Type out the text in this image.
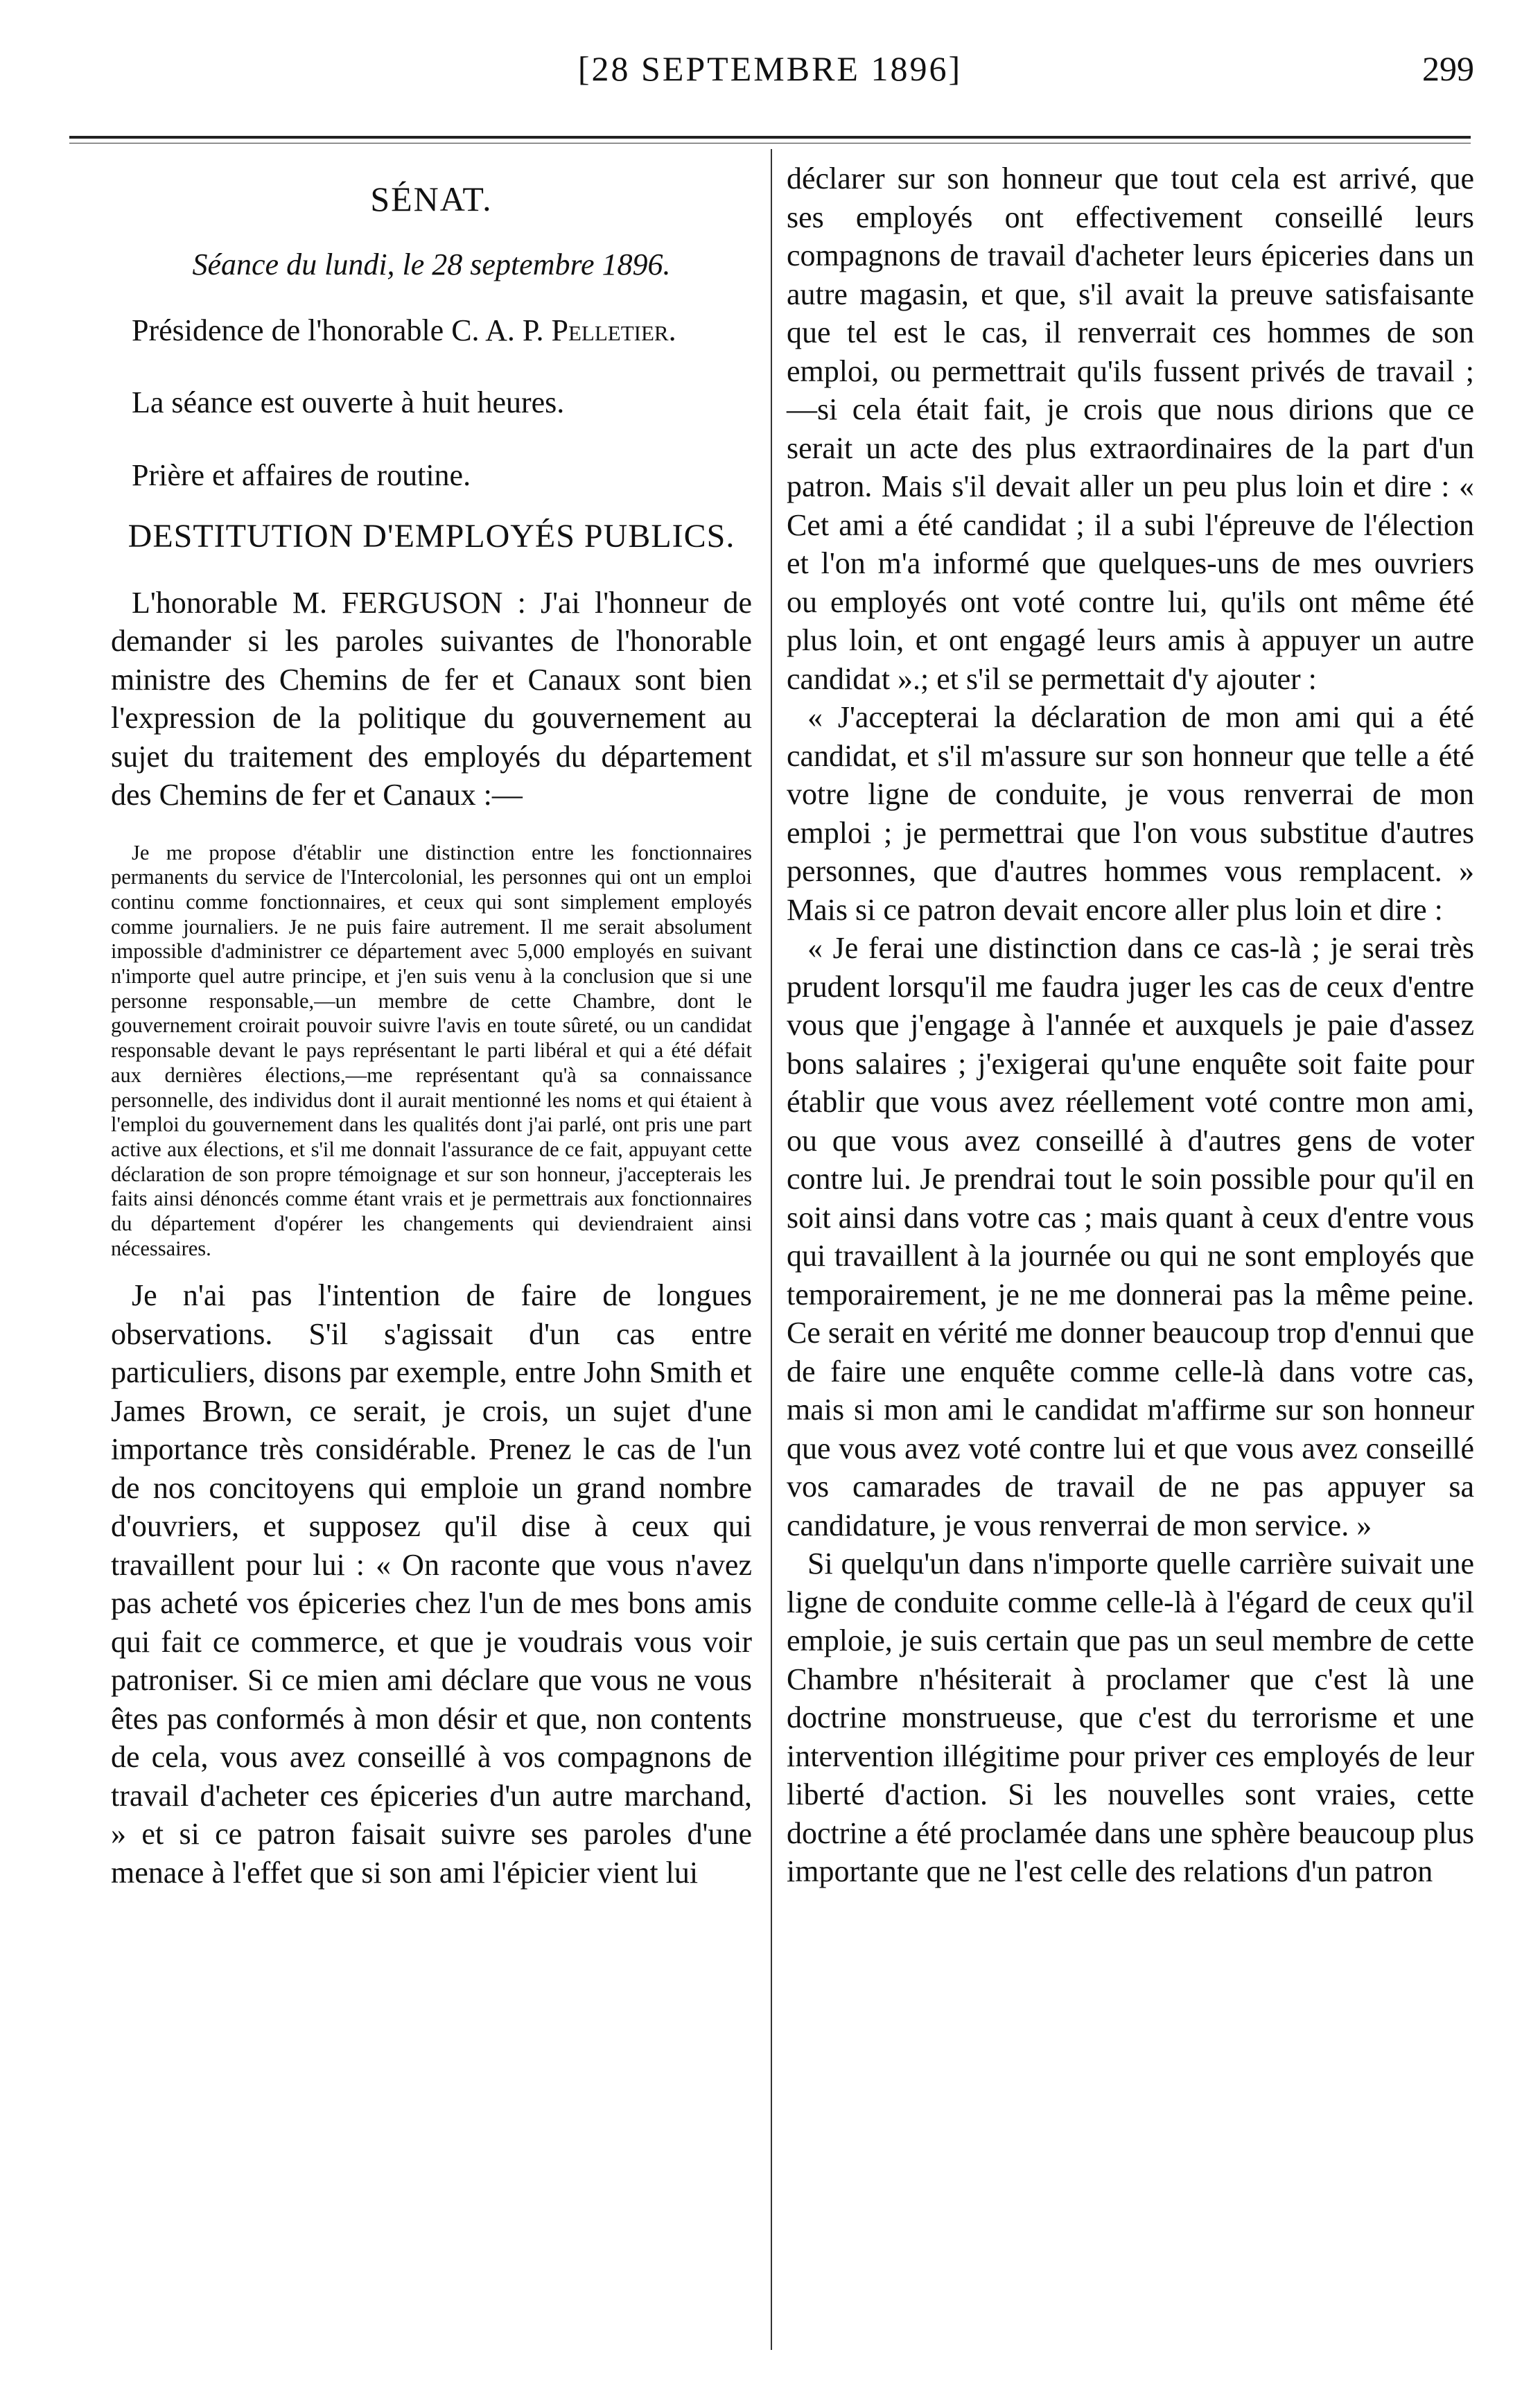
[28 SEPTEMBRE 1896]	299

SÉNAT.

Séance du lundi, le 28 septembre 1896.

Présidence de l'honorable C. A. P. Pelletier.

La séance est ouverte à huit heures.

Prière et affaires de routine.

DESTITUTION D'EMPLOYÉS PUBLICS.

L'honorable M. FERGUSON : J'ai l'honneur de demander si les paroles suivantes de l'honorable ministre des Chemins de fer et Canaux sont bien l'expression de la politique du gouvernement au sujet du traitement des employés du département des Chemins de fer et Canaux :—

Je me propose d'établir une distinction entre les fonctionnaires permanents du service de l'Intercolonial, les personnes qui ont un emploi continu comme fonctionnaires, et ceux qui sont simplement employés comme journaliers. Je ne puis faire autrement. Il me serait absolument impossible d'administrer ce département avec 5,000 employés en suivant n'importe quel autre principe, et j'en suis venu à la conclusion que si une personne responsable,—un membre de cette Chambre, dont le gouvernement croirait pouvoir suivre l'avis en toute sûreté, ou un candidat responsable devant le pays représentant le parti libéral et qui a été défait aux dernières élections,—me représentant qu'à sa connaissance personnelle, des individus dont il aurait mentionné les noms et qui étaient à l'emploi du gouvernement dans les qualités dont j'ai parlé, ont pris une part active aux élections, et s'il me donnait l'assurance de ce fait, appuyant cette déclaration de son propre témoignage et sur son honneur, j'accepterais les faits ainsi dénoncés comme étant vrais et je permettrais aux fonctionnaires du département d'opérer les changements qui deviendraient ainsi nécessaires.

Je n'ai pas l'intention de faire de longues observations. S'il s'agissait d'un cas entre particuliers, disons par exemple, entre John Smith et James Brown, ce serait, je crois, un sujet d'une importance très considérable. Prenez le cas de l'un de nos concitoyens qui emploie un grand nombre d'ouvriers, et supposez qu'il dise à ceux qui travaillent pour lui : « On raconte que vous n'avez pas acheté vos épiceries chez l'un de mes bons amis qui fait ce commerce, et que je voudrais vous voir patroniser. Si ce mien ami déclare que vous ne vous êtes pas conformés à mon désir et que, non contents de cela, vous avez conseillé à vos compagnons de travail d'acheter ces épiceries d'un autre marchand, » et si ce patron faisait suivre ses paroles d'une menace à l'effet que si son ami l'épicier vient lui

déclarer sur son honneur que tout cela est arrivé, que ses employés ont effectivement conseillé leurs compagnons de travail d'acheter leurs épiceries dans un autre magasin, et que, s'il avait la preuve satisfaisante que tel est le cas, il renverrait ces hommes de son emploi, ou permettrait qu'ils fussent privés de travail ;—si cela était fait, je crois que nous dirions que ce serait un acte des plus extraordinaires de la part d'un patron. Mais s'il devait aller un peu plus loin et dire : « Cet ami a été candidat ; il a subi l'épreuve de l'élection et l'on m'a informé que quelques-uns de mes ouvriers ou employés ont voté contre lui, qu'ils ont même été plus loin, et ont engagé leurs amis à appuyer un autre candidat ».; et s'il se permettait d'y ajouter :

« J'accepterai la déclaration de mon ami qui a été candidat, et s'il m'assure sur son honneur que telle a été votre ligne de conduite, je vous renverrai de mon emploi ; je permettrai que l'on vous substitue d'autres personnes, que d'autres hommes vous remplacent. » Mais si ce patron devait encore aller plus loin et dire :

« Je ferai une distinction dans ce cas-là ; je serai très prudent lorsqu'il me faudra juger les cas de ceux d'entre vous que j'engage à l'année et auxquels je paie d'assez bons salaires ; j'exigerai qu'une enquête soit faite pour établir que vous avez réellement voté contre mon ami, ou que vous avez conseillé à d'autres gens de voter contre lui. Je prendrai tout le soin possible pour qu'il en soit ainsi dans votre cas ; mais quant à ceux d'entre vous qui travaillent à la journée ou qui ne sont employés que temporairement, je ne me donnerai pas la même peine. Ce serait en vérité me donner beaucoup trop d'ennui que de faire une enquête comme celle-là dans votre cas, mais si mon ami le candidat m'affirme sur son honneur que vous avez voté contre lui et que vous avez conseillé vos camarades de travail de ne pas appuyer sa candidature, je vous renverrai de mon service. »

Si quelqu'un dans n'importe quelle carrière suivait une ligne de conduite comme celle-là à l'égard de ceux qu'il emploie, je suis certain que pas un seul membre de cette Chambre n'hésiterait à proclamer que c'est là une doctrine monstrueuse, que c'est du terrorisme et une intervention illégitime pour priver ces employés de leur liberté d'action. Si les nouvelles sont vraies, cette doctrine a été proclamée dans une sphère beaucoup plus importante que ne l'est celle des relations d'un patron
